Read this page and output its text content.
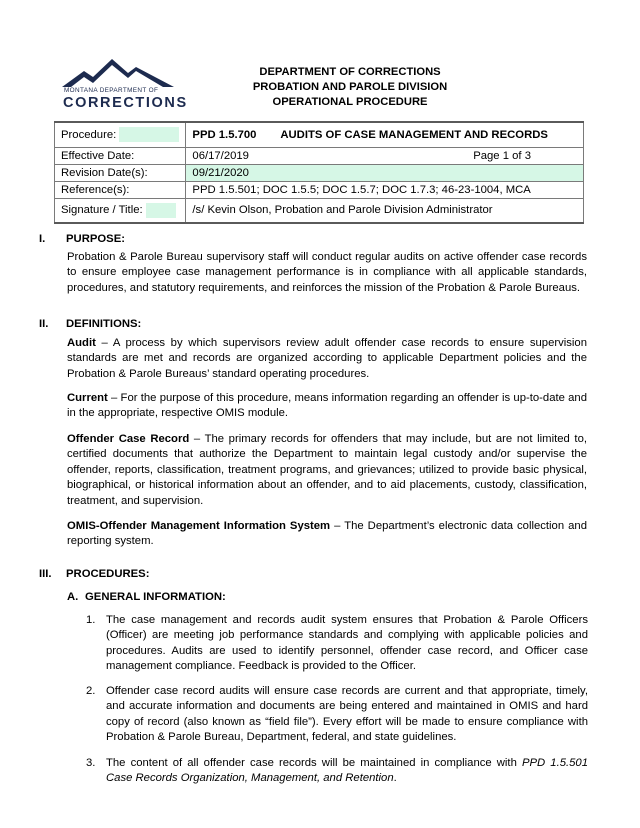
MONTANA DEPARTMENT OF
CORRECTIONS
DEPARTMENT OF CORRECTIONS
PROBATION AND PAROLE DIVISION
OPERATIONAL PROCEDURE
Procedure:	PPD 1.5.700 AUDITS OF CASE MANAGEMENT AND RECORDS
Effective Date:	06/17/2019 Page 1 of 3

Revision Date(s):	09/21/2020
Reference(s):	PPD 1.5.501; DOC 1.5.5; DOC 1.5.7; DOC 1.7.3; 46-23-1004, MCA
Signature / Title:	/s/ Kevin Olson, Probation and Parole Division Administrator
I. PURPOSE:
Probation & Parole Bureau supervisory staff will conduct regular audits on active offender case records to ensure employee case management performance is in compliance with all applicable standards, procedures, and statutory requirements, and reinforces the mission of the Probation & Parole Bureaus.
II. DEFINITIONS:
Audit – A process by which supervisors review adult offender case records to ensure supervision standards are met and records are organized according to applicable Department policies and the Probation & Parole Bureaus’ standard operating procedures.
Current – For the purpose of this procedure, means information regarding an offender is up-to-date and in the appropriate, respective OMIS module.
Offender Case Record – The primary records for offenders that may include, but are not limited to, certified documents that authorize the Department to maintain legal custody and/or supervise the offender, reports, classification, treatment programs, and grievances; utilized to provide basic physical, biographical, or historical information about an offender, and to aid placements, custody, classification, treatment, and supervision.
OMIS-Offender Management Information System – The Department’s electronic data collection and reporting system.
III. PROCEDURES:
A. GENERAL INFORMATION:
1. The case management and records audit system ensures that Probation & Parole Officers (Officer) are meeting job performance standards and complying with applicable policies and procedures. Audits are used to identify personnel, offender case record, and Officer case management compliance. Feedback is provided to the Officer.
2. Offender case record audits will ensure case records are current and that appropriate, timely, and accurate information and documents are being entered and maintained in OMIS and hard copy of record (also known as “field file”). Every effort will be made to ensure compliance with Probation & Parole Bureau, Department, federal, and state guidelines.
3. The content of all offender case records will be maintained in compliance with PPD 1.5.501 Case Records Organization, Management, and Retention.
